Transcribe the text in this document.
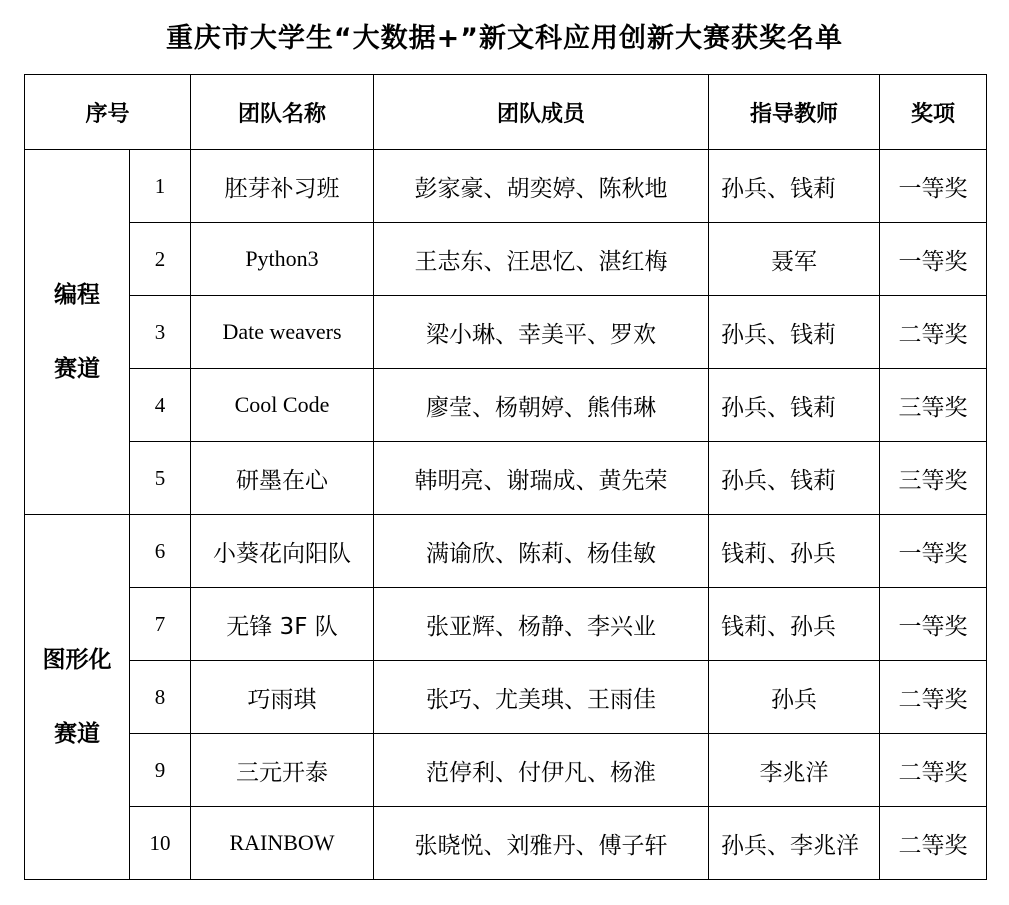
重庆市大学生“大数据+”新文科应用创新大赛获奖名单
序号		团队名称	团队成员	指导教师	奖项

编程
赛道	1	胚芽补习班	彭家豪、胡奕婷、陈秋地	孙兵、钱莉	一等奖
	2	Python3	王志东、汪思忆、湛红梅	聂军	一等奖
	3	Date weavers	梁小琳、幸美平、罗欢	孙兵、钱莉	二等奖
	4	Cool Code	廖莹、杨朝婷、熊伟琳	孙兵、钱莉	三等奖
	5	研墨在心	韩明亮、谢瑞成、黄先荣	孙兵、钱莉	三等奖

图形化
赛道	6	小葵花向阳队	满谕欣、陈莉、杨佳敏	钱莉、孙兵	一等奖
	7	无锋 3F 队	张亚辉、杨静、李兴业	钱莉、孙兵	一等奖
	8	巧雨琪	张巧、尤美琪、王雨佳	孙兵	二等奖
	9	三元开泰	范停利、付伊凡、杨淮	李兆洋	二等奖
	10	RAINBOW	张晓悦、刘雅丹、傅子轩	孙兵、李兆洋	二等奖
